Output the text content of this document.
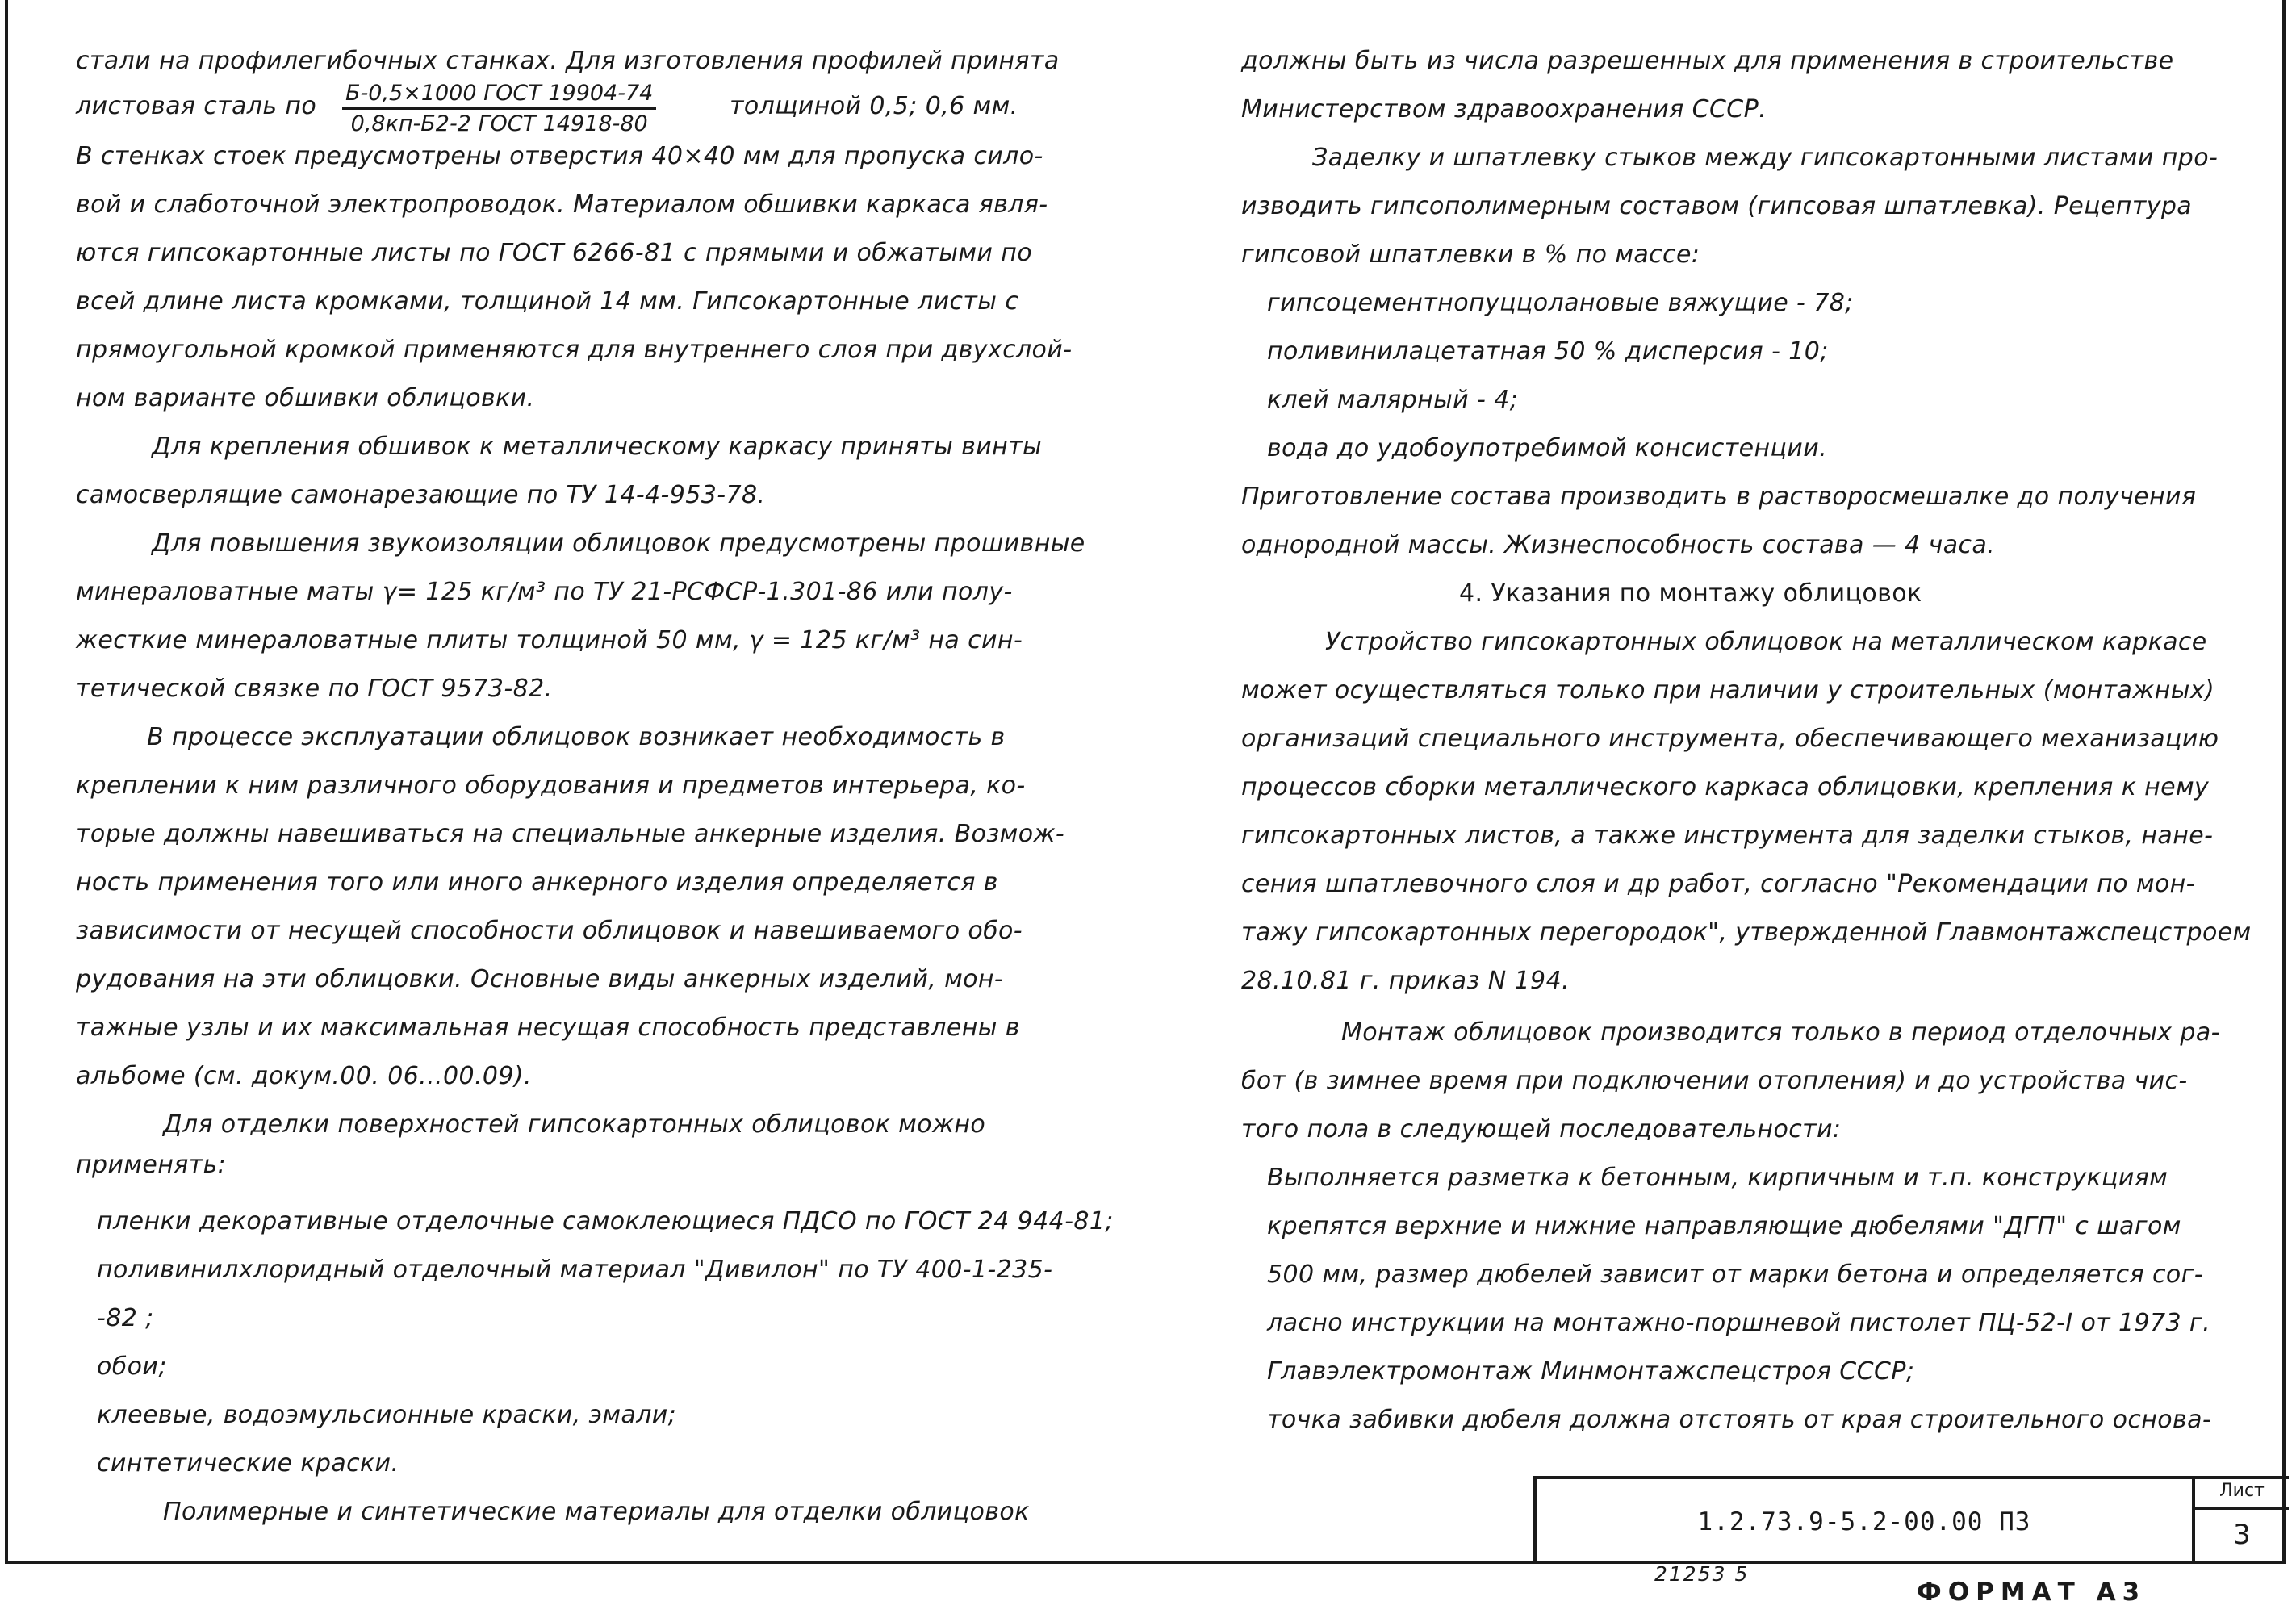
стали на профилегибочных станках. Для изготовления профилей принята
листовая сталь по Б-0,5×1000 ГОСТ 19904-74
0,8кп-Б2-2 ГОСТ 14918-80
толщиной 0,5; 0,6 мм.
В стенках стоек предусмотрены отверстия 40×40 мм для пропуска сило-
вой и слаботочной электропроводок. Материалом обшивки каркаса явля-
ются гипсокартонные листы по ГОСТ 6266-81 с прямыми и обжатыми по
всей длине листа кромками, толщиной 14 мм. Гипсокартонные листы с
прямоугольной кромкой применяются для внутреннего слоя при двухслой-
ном варианте обшивки облицовки.
Для крепления обшивок к металлическому каркасу приняты винты
самосверлящие самонарезающие по ТУ 14-4-953-78.
Для повышения звукоизоляции облицовок предусмотрены прошивные
минераловатные маты γ= 125 кг/м³ по ТУ 21-РСФСР-1.301-86 или полу-
жесткие минераловатные плиты толщиной 50 мм, γ = 125 кг/м³ на син-
тетической связке по ГОСТ 9573-82.
В процессе эксплуатации облицовок возникает необходимость в
креплении к ним различного оборудования и предметов интерьера, ко-
торые должны навешиваться на специальные анкерные изделия. Возмож-
ность применения того или иного анкерного изделия определяется в
зависимости от несущей способности облицовок и навешиваемого обо-
рудования на эти облицовки. Основные виды анкерных изделий, мон-
тажные узлы и их максимальная несущая способность представлены в
альбоме (см. докум.00. 06...00.09).
Для отделки поверхностей гипсокартонных облицовок можно
применять:
пленки декоративные отделочные самоклеющиеся ПДСО по ГОСТ 24 944-81;
поливинилхлоридный отделочный материал "Дивилон" по ТУ 400-1-235-
-82 ;
обои;
клеевые, водоэмульсионные краски, эмали;
синтетические краски.
Полимерные и синтетические материалы для отделки облицовок
должны быть из числа разрешенных для применения в строительстве
Министерством здравоохранения СССР.
Заделку и шпатлевку стыков между гипсокартонными листами про-
изводить гипсополимерным составом (гипсовая шпатлевка). Рецептура
гипсовой шпатлевки в % по массе:
гипсоцементнопуццолановые вяжущие - 78;
поливинилацетатная 50 % дисперсия - 10;
клей малярный - 4;
вода до удобоупотребимой консистенции.
Приготовление состава производить в растворосмешалке до получения
однородной массы. Жизнеспособность состава — 4 часа.
4. Указания по монтажу облицовок
Устройство гипсокартонных облицовок на металлическом каркасе
может осуществляться только при наличии у строительных (монтажных)
организаций специального инструмента, обеспечивающего механизацию
процессов сборки металлического каркаса облицовки, крепления к нему
гипсокартонных листов, а также инструмента для заделки стыков, нане-
сения шпатлевочного слоя и др работ, согласно "Рекомендации по мон-
тажу гипсокартонных перегородок", утвержденной Главмонтажспецстроем
28.10.81 г. приказ N 194.
Монтаж облицовок производится только в период отделочных ра-
бот (в зимнее время при подключении отопления) и до устройства чис-
того пола в следующей последовательности:
Выполняется разметка к бетонным, кирпичным и т.п. конструкциям
крепятся верхние и нижние направляющие дюбелями "ДГП" с шагом
500 мм, размер дюбелей зависит от марки бетона и определяется сог-
ласно инструкции на монтажно-поршневой пистолет ПЦ-52-I от 1973 г.
Главэлектромонтаж Минмонтажспецстроя СССР;
точка забивки дюбеля должна отстоять от края строительного основа-
1.2.73.9-5.2-00.00 ПЗ
Лист
3
21253 5
ФОРМАТ А3
